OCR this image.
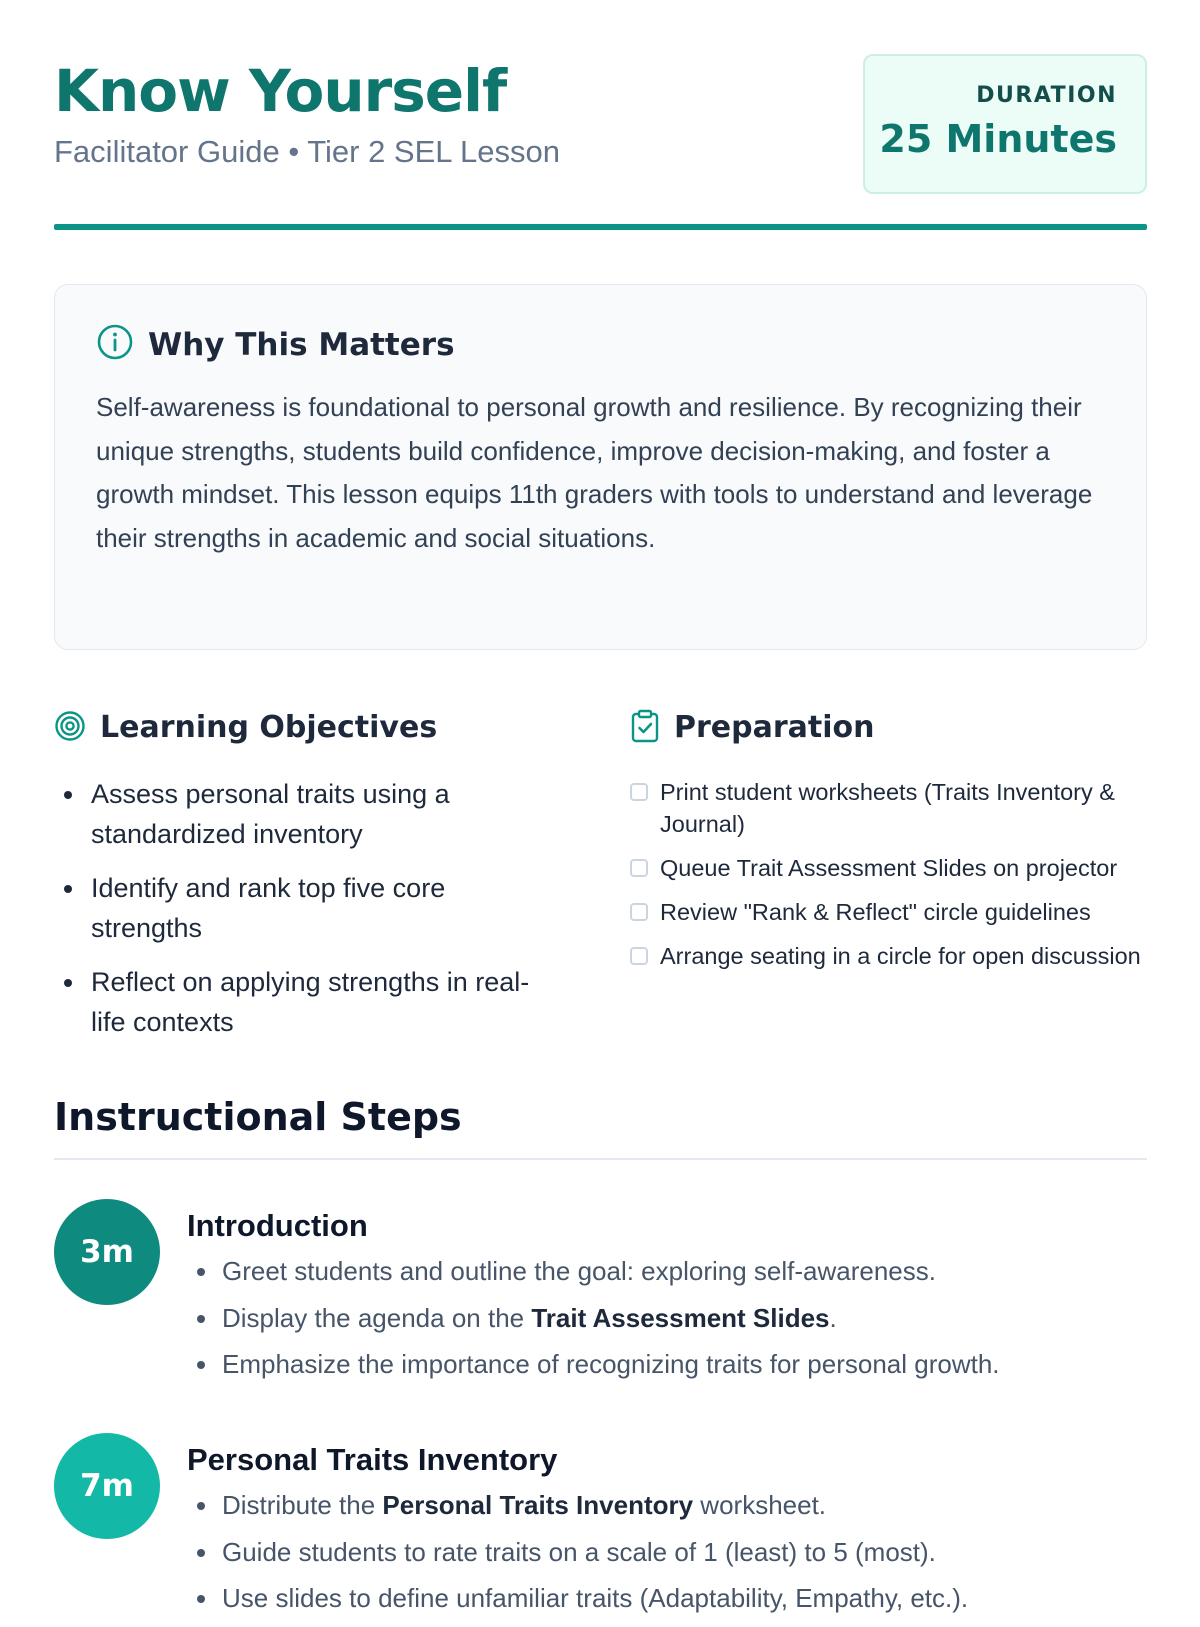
Know Yourself
Facilitator Guide • Tier 2 SEL Lesson
DURATION
25 Minutes
Why This Matters

Self-awareness is foundational to personal growth and resilience. By recognizing their unique strengths, students build confidence, improve decision-making, and foster a growth mindset. This lesson equips 11th graders with tools to understand and leverage their strengths in academic and social situations.

Learning Objectives
• Assess personal traits using a standardized inventory
• Identify and rank top five core strengths
• Reflect on applying strengths in real-life contexts
Preparation
Print student worksheets (Traits Inventory & Journal)
Queue Trait Assessment Slides on projector
Review "Rank & Reflect" circle guidelines
Arrange seating in a circle for open discussion
Instructional Steps
3m
Introduction
• Greet students and outline the goal: exploring self-awareness.
• Display the agenda on the Trait Assessment Slides.
• Emphasize the importance of recognizing traits for personal growth.
7m
Personal Traits Inventory
• Distribute the Personal Traits Inventory worksheet.
• Guide students to rate traits on a scale of 1 (least) to 5 (most).
• Use slides to define unfamiliar traits (Adaptability, Empathy, etc.).
